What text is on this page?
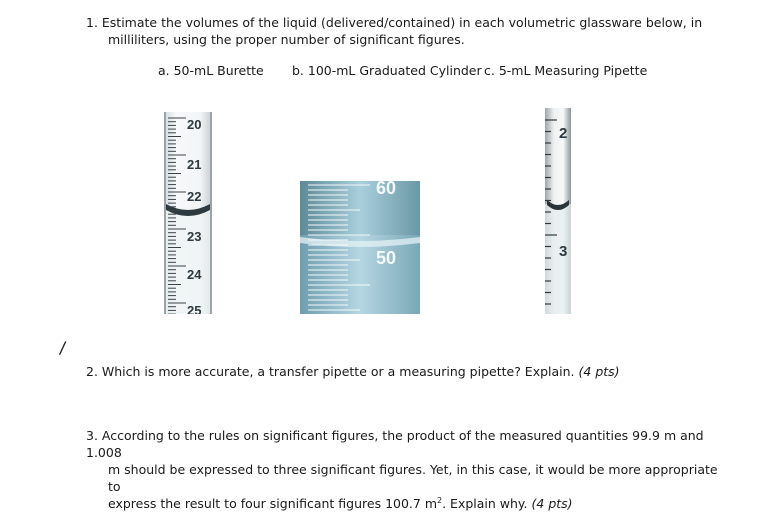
1. Estimate the volumes of the liquid (delivered/contained) in each volumetric glassware below, in
milliliters, using the proper number of significant figures.
a. 50-mL Burette b. 100-mL Graduated Cylinder c. 5-mL Measuring Pipette
20
21
22
23
24
25
60
50
2
3
/
2. Which is more accurate, a transfer pipette or a measuring pipette? Explain. (4 pts)
3. According to the rules on significant figures, the product of the measured quantities 99.9 m and 1.008
m should be expressed to three significant figures. Yet, in this case, it would be more appropriate to
express the result to four significant figures 100.7 $m^2$. Explain why. (4 pts)
